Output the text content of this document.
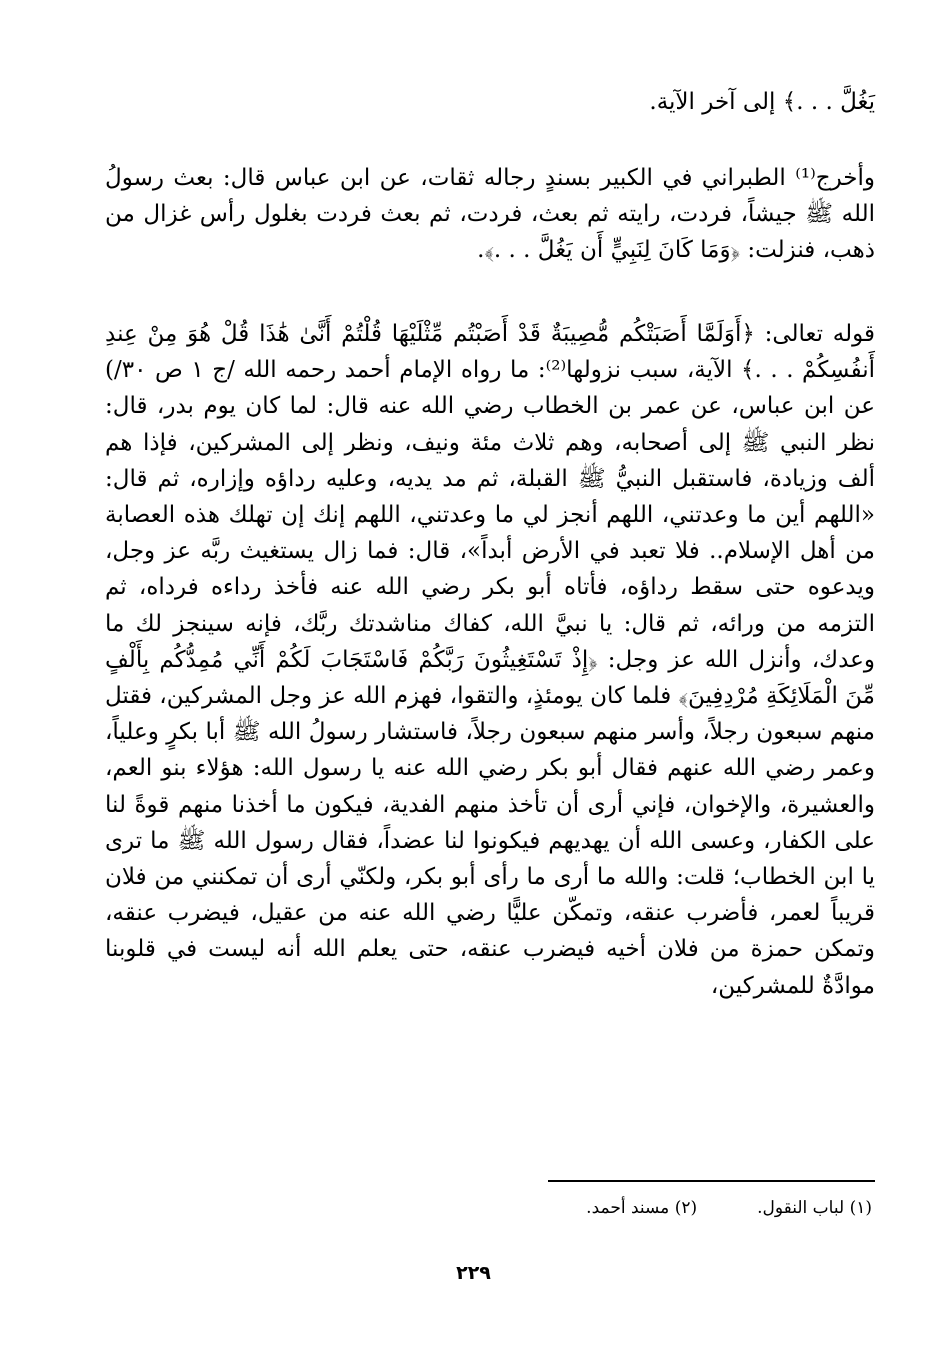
يَغُلَّ . . .﴾ إلى آخر الآية.

وأخرج⁽¹⁾ الطبراني في الكبير بسندٍ رجاله ثقات، عن ابن عباس قال: بعث رسولُ الله ﷺ جيشاً، فردت، رايته ثم بعث، فردت، ثم بعث فردت بغلول رأس غزال من ذهب، فنزلت: ﴿وَمَا كَانَ لِنَبِيٍّ أَن يَغُلَّ . . .﴾.

قوله تعالى: ﴿أَوَلَمَّا أَصَبَتْكُم مُّصِيبَةٌ قَدْ أَصَبْتُم مِّثْلَيْهَا قُلْتُمْ أَنَّىٰ هَٰذَا قُلْ هُوَ مِنْ عِندِ أَنفُسِكُمْ . . .﴾ الآية، سبب نزولها⁽²⁾: ما رواه الإمام أحمد رحمه الله /ج ١ ص ٣٠/) عن ابن عباس، عن عمر بن الخطاب رضي الله عنه قال: لما كان يوم بدر، قال: نظر النبي ﷺ إلى أصحابه، وهم ثلاث مئة ونيف، ونظر إلى المشركين، فإذا هم ألف وزيادة، فاستقبل النبيُّ ﷺ القبلة، ثم مد يديه، وعليه رداؤه وإزاره، ثم قال: «اللهم أين ما وعدتني، اللهم أنجز لي ما وعدتني، اللهم إنك إن تهلك هذه العصابة من أهل الإسلام.. فلا تعبد في الأرض أبداً»، قال: فما زال يستغيث ربَّه عز وجل، ويدعوه حتى سقط رداؤه، فأتاه أبو بكر رضي الله عنه فأخذ رداءه فرداه، ثم التزمه من ورائه، ثم قال: يا نبيَّ الله، كفاك مناشدتك ربَّك، فإنه سينجز لك ما وعدك، وأنزل الله عز وجل: ﴿إِذْ تَسْتَغِيثُونَ رَبَّكُمْ فَاسْتَجَابَ لَكُمْ أَنِّي مُمِدُّكُم بِأَلْفٍ مِّنَ الْمَلَائِكَةِ مُرْدِفِينَ﴾ فلما كان يومئذٍ، والتقوا، فهزم الله عز وجل المشركين، فقتل منهم سبعون رجلاً، وأسر منهم سبعون رجلاً، فاستشار رسولُ الله ﷺ أبا بكرٍ وعلياً، وعمر رضي الله عنهم فقال أبو بكر رضي الله عنه يا رسول الله: هؤلاء بنو العم، والعشيرة، والإخوان، فإني أرى أن تأخذ منهم الفدية، فيكون ما أخذنا منهم قوةً لنا على الكفار، وعسى الله أن يهديهم فيكونوا لنا عضداً، فقال رسول الله ﷺ ما ترى يا ابن الخطاب؛ قلت: والله ما أرى ما رأى أبو بكر، ولكنّي أرى أن تمكنني من فلان قريباً لعمر، فأضرب عنقه، وتمكّن عليًّا رضي الله عنه من عقيل، فيضرب عنقه، وتمكن حمزة من فلان أخيه فيضرب عنقه، حتى يعلم الله أنه ليست في قلوبنا موادَّةٌ للمشركين،

(١) لباب النقول.
(٢) مسند أحمد.
٢٢٩
